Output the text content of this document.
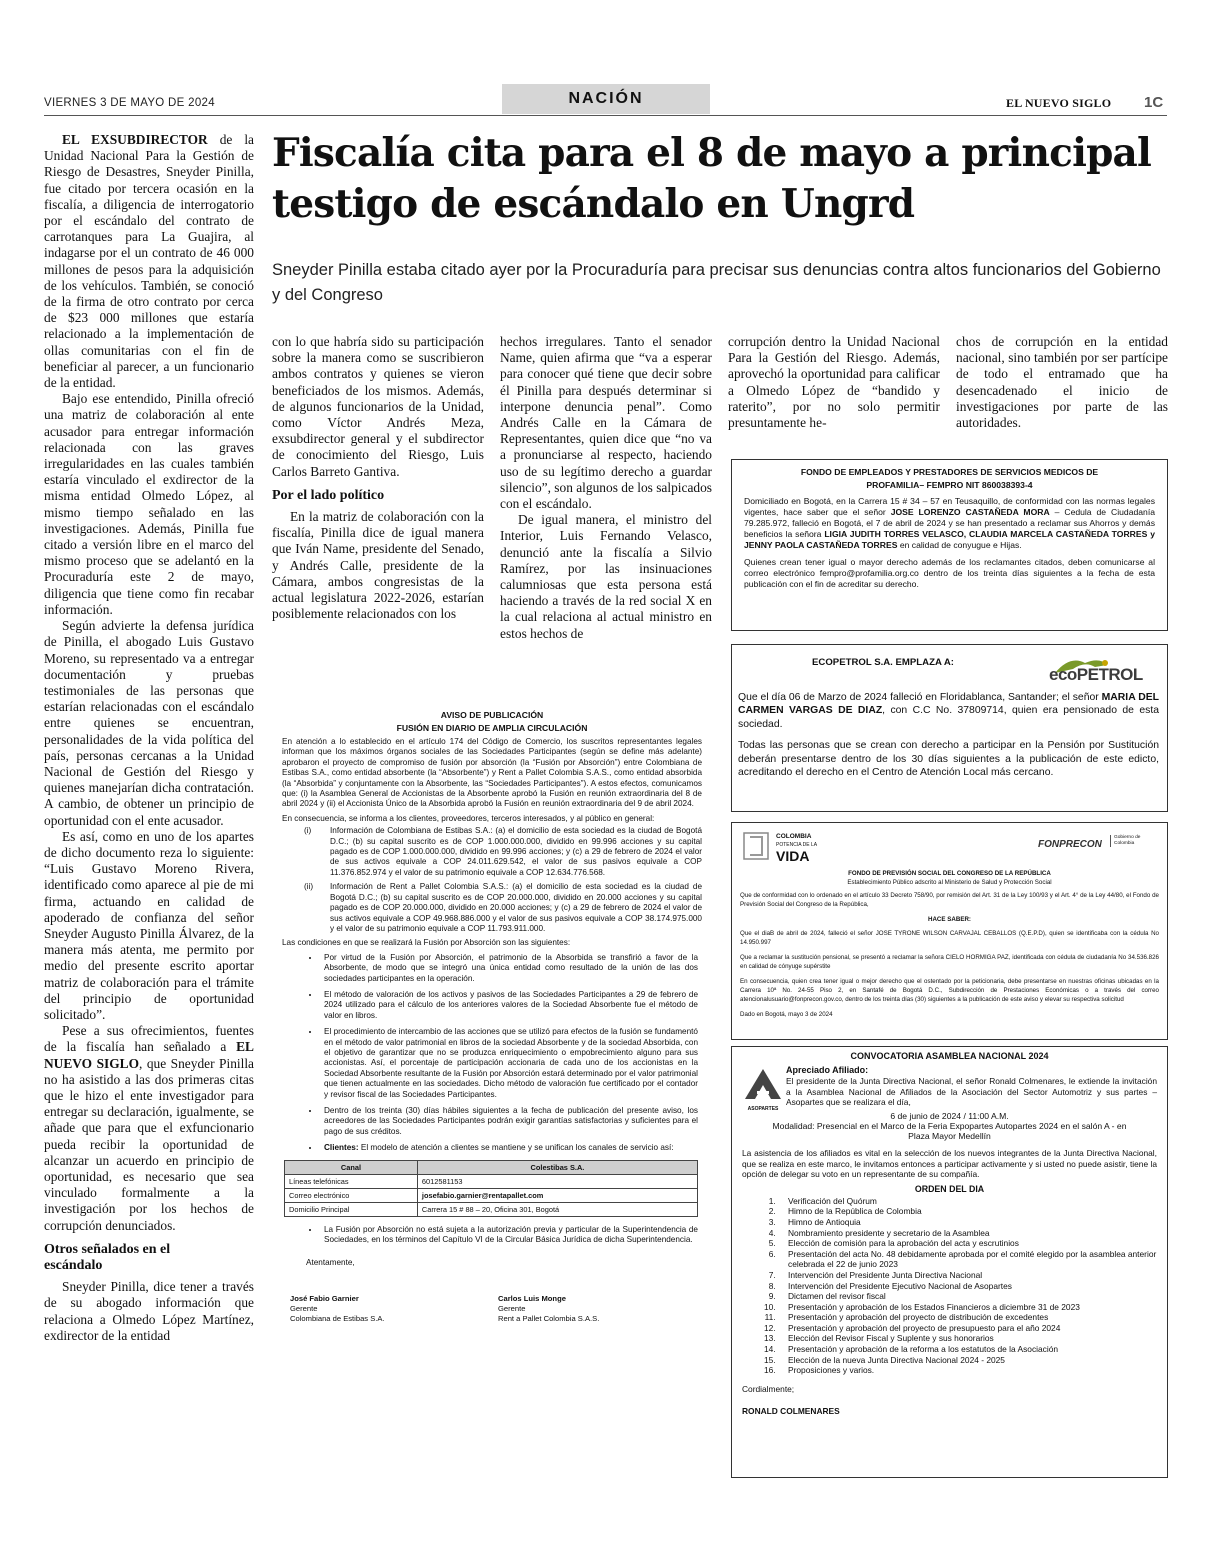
VIERNES 3 DE MAYO DE 2024	NACIÓN	EL NUEVO SIGLO 1C
Fiscalía cita para el 8 de mayo a principal testigo de escándalo en Ungrd
Sneyder Pinilla estaba citado ayer por la Procuraduría para precisar sus denuncias contra altos funcionarios del Gobierno y del Congreso

EL EXSUBDIRECTOR de la Unidad Nacional Para la Gestión de Riesgo de Desastres, Sneyder Pinilla, fue citado por tercera ocasión en la fiscalía, a diligencia de interrogatorio por el escándalo del contrato de carrotanques para La Guajira, al indagarse por el un contrato de 46 000 millones de pesos para la adquisición de los vehículos. También, se conoció de la firma de otro contrato por cerca de $23 000 millones que estaría relacionado a la implementación de ollas comunitarias con el fin de beneficiar al parecer, a un funcionario de la entidad.

Bajo ese entendido, Pinilla ofreció una matriz de colaboración al ente acusador para entregar información relacionada con las graves irregularidades en las cuales también estaría vinculado el exdirector de la misma entidad Olmedo López, al mismo tiempo señalado en las investigaciones. Además, Pinilla fue citado a versión libre en el marco del mismo proceso que se adelantó en la Procuraduría este 2 de mayo, diligencia que tiene como fin recabar información.

Según advierte la defensa jurídica de Pinilla, el abogado Luis Gustavo Moreno, su representado va a entregar documentación y pruebas testimoniales de las personas que estarían relacionadas con el escándalo entre quienes se encuentran, personalidades de la vida política del país, personas cercanas a la Unidad Nacional de Gestión del Riesgo y quienes manejarían dicha contratación. A cambio, de obtener un principio de oportunidad con el ente acusador.

Es así, como en uno de los apartes de dicho documento reza lo siguiente: “Luis Gustavo Moreno Rivera, identificado como aparece al pie de mi firma, actuando en calidad de apoderado de confianza del señor Sneyder Augusto Pinilla Álvarez, de la manera más atenta, me permito por medio del presente escrito aportar matriz de colaboración para el trámite del principio de oportunidad solicitado”.

Pese a sus ofrecimientos, fuentes de la fiscalía han señalado a EL NUEVO SIGLO, que Sneyder Pinilla no ha asistido a las dos primeras citas que le hizo el ente investigador para entregar su declaración, igualmente, se añade que para que el exfuncionario pueda recibir la oportunidad de alcanzar un acuerdo en principio de oportunidad, es necesario que sea vinculado formalmente a la investigación por los hechos de corrupción denunciados.

Otros señalados en el escándalo

Sneyder Pinilla, dice tener a través de su abogado información que relaciona a Olmedo López Martínez, exdirector de la entidad

con lo que habría sido su participación sobre la manera como se suscribieron ambos contratos y quienes se vieron beneficiados de los mismos. Además, de algunos funcionarios de la Unidad, como Víctor Andrés Meza, exsubdirector general y el subdirector de conocimiento del Riesgo, Luis Carlos Barreto Gantiva.

Por el lado político

En la matriz de colaboración con la fiscalía, Pinilla dice de igual manera que Iván Name, presidente del Senado, y Andrés Calle, presidente de la Cámara, ambos congresistas de la actual legislatura 2022-2026, estarían posiblemente relacionados con los

hechos irregulares. Tanto el senador Name, quien afirma que “va a esperar para conocer qué tiene que decir sobre él Pinilla para después determinar si interpone denuncia penal”. Como Andrés Calle en la Cámara de Representantes, quien dice que “no va a pronunciarse al respecto, haciendo uso de su legítimo derecho a guardar silencio”, son algunos de los salpicados con el escándalo.

De igual manera, el ministro del Interior, Luis Fernando Velasco, denunció ante la fiscalía a Silvio Ramírez, por las insinuaciones calumniosas que esta persona está haciendo a través de la red social X en la cual relaciona al actual ministro en estos hechos de

corrupción dentro la Unidad Nacional Para la Gestión del Riesgo. Además, aprovechó la oportunidad para calificar a Olmedo López de “bandido y raterito”, por no solo permitir presuntamente he-

chos de corrupción en la entidad nacional, sino también por ser partícipe de todo el entramado que ha desencadenado el inicio de investigaciones por parte de las autoridades.

FONDO DE EMPLEADOS Y PRESTADORES DE SERVICIOS MEDICOS DE PROFAMILIA– FEMPRO NIT 860038393-4
Domiciliado en Bogotá, en la Carrera 15 # 34 – 57 en Teusaquillo, de conformidad con las normas legales vigentes, hace saber que el señor JOSE LORENZO CASTAÑEDA MORA – Cedula de Ciudadanía 79.285.972, falleció en Bogotá, el 7 de abril de 2024 y se han presentado a reclamar sus Ahorros y demás beneficios la señora LIGIA JUDITH TORRES VELASCO, CLAUDIA MARCELA CASTAÑEDA TORRES y JENNY PAOLA CASTAÑEDA TORRES en calidad de conyugue e Hijas.
Quienes crean tener igual o mayor derecho además de los reclamantes citados, deben comunicarse al correo electrónico fempro@profamilia.org.co dentro de los treinta días siguientes a la fecha de esta publicación con el fin de acreditar su derecho.
ECOPETROL S.A. EMPLAZA A:
ecoPETROL
Que el día 06 de Marzo de 2024 falleció en Floridablanca, Santander; el señor MARIA DEL CARMEN VARGAS DE DIAZ, con C.C No. 37809714, quien era pensionado de esta sociedad.
Todas las personas que se crean con derecho a participar en la Pensión por Sustitución deberán presentarse dentro de los 30 días siguientes a la publicación de este edicto, acreditando el derecho en el Centro de Atención Local más cercano.
COLOMBIA
POTENCIA DE LA
VIDA
FONPRECON
Gobierno de Colombia
FONDO DE PREVISIÓN SOCIAL DEL CONGRESO DE LA REPÚBLICA
Establecimiento Público adscrito al Ministerio de Salud y Protección Social
Que de conformidad con lo ordenado en el artículo 33 Decreto 758/90, por remisión del Art. 31 de la Ley 100/93 y el Art. 4° de la Ley 44/80, el Fondo de Previsión Social del Congreso de la República,
HACE SABER:
Que el diaB de abril de 2024, falleció el señor JOSE TYRONE WILSON CARVAJAL CEBALLOS (Q.E.P.D), quien se identificaba con la cédula No 14.950.997
Que a reclamar la sustitución pensional, se presentó a reclamar la señora CIELO HORMIGA PAZ, identificada con cédula de ciudadanía No 34.536.826 en calidad de cónyuge supérstite
En consecuencia, quien crea tener igual o mejor derecho que el ostentado por la peticionaria, debe presentarse en nuestras oficinas ubicadas en la Carrera 10ª No. 24-55 Piso 2, en Santafé de Bogotá D.C., Subdirección de Prestaciones Económicas o a través del correo atencionalusuario@fonprecon.gov.co, dentro de los treinta días (30) siguientes a la publicación de este aviso y elevar su respectiva solicitud
Dado en Bogotá, mayo 3 de 2024
CONVOCATORIA ASAMBLEA NACIONAL 2024
ASOPARTES
Apreciado Afiliado:
El presidente de la Junta Directiva Nacional, el señor Ronald Colmenares, le extiende la invitación a la Asamblea Nacional de Afiliados de la Asociación del Sector Automotriz y sus partes – Asopartes que se realizara el día,
6 de junio de 2024 / 11:00 A.M.
Modalidad: Presencial en el Marco de la Feria Expopartes Autopartes 2024 en el salón A - en Plaza Mayor Medellín
La asistencia de los afiliados es vital en la selección de los nuevos integrantes de la Junta Directiva Nacional, que se realiza en este marco, le invitamos entonces a participar activamente y si usted no puede asistir, tiene la opción de delegar su voto en un representante de su compañía.
ORDEN DEL DIA
1. Verificación del Quórum
2. Himno de la República de Colombia
3. Himno de Antioquia
4. Nombramiento presidente y secretario de la Asamblea
5. Elección de comisión para la aprobación del acta y escrutinios
6. Presentación del acta No. 48 debidamente aprobada por el comité elegido por la asamblea anterior celebrada el 22 de junio 2023
7. Intervención del Presidente Junta Directiva Nacional
8. Intervención del Presidente Ejecutivo Nacional de Asopartes
9. Dictamen del revisor fiscal
10. Presentación y aprobación de los Estados Financieros a diciembre 31 de 2023
11. Presentación y aprobación del proyecto de distribución de excedentes
12. Presentación y aprobación del proyecto de presupuesto para el año 2024
13. Elección del Revisor Fiscal y Suplente y sus honorarios
14. Presentación y aprobación de la reforma a los estatutos de la Asociación
15. Elección de la nueva Junta Directiva Nacional 2024 - 2025
16. Proposiciones y varios.
Cordialmente;
RONALD COLMENARES
AVISO DE PUBLICACIÓN
FUSIÓN EN DIARIO DE AMPLIA CIRCULACIÓN
En atención a lo establecido en el artículo 174 del Código de Comercio, los suscritos representantes legales informan que los máximos órganos sociales de las Sociedades Participantes (según se define más adelante) aprobaron el proyecto de compromiso de fusión por absorción (la “Fusión por Absorción”) entre Colombiana de Estibas S.A., como entidad absorbente (la “Absorbente”) y Rent a Pallet Colombia S.A.S., como entidad absorbida (la “Absorbida” y conjuntamente con la Absorbente, las “Sociedades Participantes”). A estos efectos, comunicamos que: (i) la Asamblea General de Accionistas de la Absorbente aprobó la Fusión en reunión extraordinaria del 8 de abril 2024 y (ii) el Accionista Único de la Absorbida aprobó la Fusión en reunión extraordinaria del 9 de abril 2024.
En consecuencia, se informa a los clientes, proveedores, terceros interesados, y al público en general:
(i)	Información de Colombiana de Estibas S.A.: (a) el domicilio de esta sociedad es la ciudad de Bogotá D.C.; (b) su capital suscrito es de COP 1.000.000.000, dividido en 99.996 acciones y su capital pagado es de COP 1.000.000.000, dividido en 99.996 acciones; y (c) a 29 de febrero de 2024 el valor de sus activos equivale a COP 24.011.629.542, el valor de sus pasivos equivale a COP 11.376.852.974 y el valor de su patrimonio equivale a COP 12.634.776.568.
(ii)	Información de Rent a Pallet Colombia S.A.S.: (a) el domicilio de esta sociedad es la ciudad de Bogotá D.C.; (b) su capital suscrito es de COP 20.000.000, dividido en 20.000 acciones y su capital pagado es de COP 20.000.000, dividido en 20.000 acciones; y (c) a 29 de febrero de 2024 el valor de sus activos equivale a COP 49.968.886.000 y el valor de sus pasivos equivale a COP 38.174.975.000 y el valor de su patrimonio equivale a COP 11.793.911.000.
Las condiciones en que se realizará la Fusión por Absorción son las siguientes:
• Por virtud de la Fusión por Absorción, el patrimonio de la Absorbida se transfirió a favor de la Absorbente, de modo que se integró una única entidad como resultado de la unión de las dos sociedades participantes en la operación.
• El método de valoración de los activos y pasivos de las Sociedades Participantes a 29 de febrero de 2024 utilizado para el cálculo de los anteriores valores de la Sociedad Absorbente fue el método de valor en libros.
• El procedimiento de intercambio de las acciones que se utilizó para efectos de la fusión se fundamentó en el método de valor patrimonial en libros de la sociedad Absorbente y de la sociedad Absorbida, con el objetivo de garantizar que no se produzca enriquecimiento o empobrecimiento alguno para sus accionistas. Así, el porcentaje de participación accionaria de cada uno de los accionistas en la Sociedad Absorbente resultante de la Fusión por Absorción estará determinado por el valor patrimonial que tienen actualmente en las sociedades. Dicho método de valoración fue certificado por el contador y revisor fiscal de las Sociedades Participantes.
• Dentro de los treinta (30) días hábiles siguientes a la fecha de publicación del presente aviso, los acreedores de las Sociedades Participantes podrán exigir garantías satisfactorias y suficientes para el pago de sus créditos.
• Clientes: El modelo de atención a clientes se mantiene y se unifican los canales de servicio así:
Canal	Colestibas S.A.
Líneas telefónicas	6012581153
Correo electrónico	josefabio.garnier@rentapallet.com
Domicilio Principal	Carrera 15 # 88 – 20, Oficina 301, Bogotá
• La Fusión por Absorción no está sujeta a la autorización previa y particular de la Superintendencia de Sociedades, en los términos del Capítulo VI de la Circular Básica Jurídica de dicha Superintendencia.
Atentamente,
José Fabio Garnier
Gerente
Colombiana de Estibas S.A.
Carlos Luis Monge
Gerente
Rent a Pallet Colombia S.A.S.
